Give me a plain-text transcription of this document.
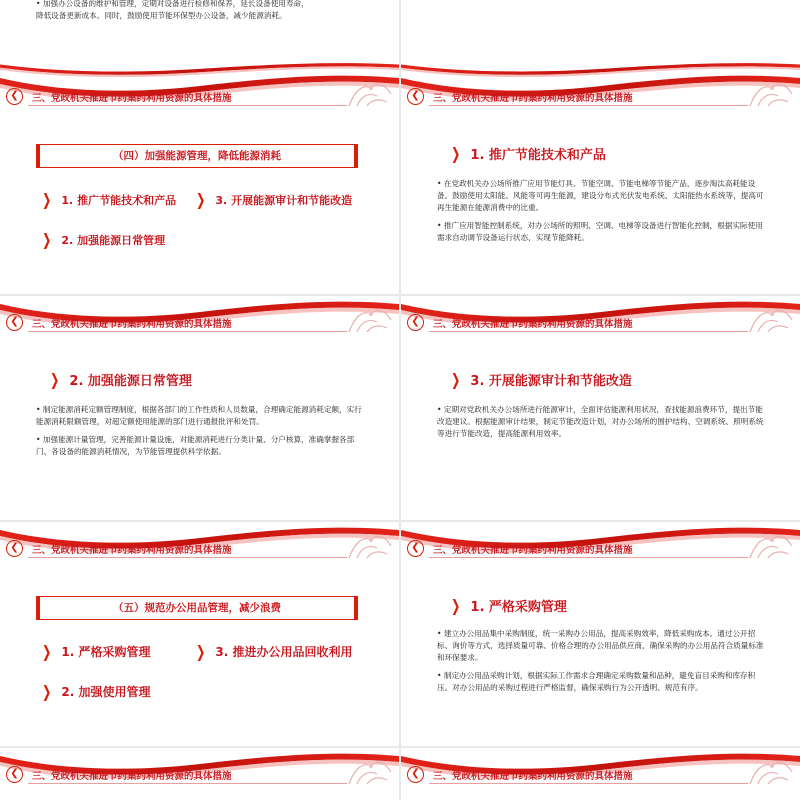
• 加强办公设备的维护和管理，定期对设备进行检修和保养，延长设备使用寿命，
降低设备更新成本。同时，鼓励使用节能环保型办公设备，减少能源消耗。
❮	三、党政机关推进节约集约利用资源的具体措施
（四）加强能源管理，降低能源消耗
❯ 1. 推广节能技术和产品 ❯ 3. 开展能源审计和节能改造
❯ 2. 加强能源日常管理
❮	三、党政机关推进节约集约利用资源的具体措施
❯ 1. 推广节能技术和产品

• 在党政机关办公场所推广应用节能灯具、节能空调、节能电梯等节能产品，逐步淘汰高耗能设备。鼓励使用太阳能、风能等可再生能源，建设分布式光伏发电系统、太阳能热水系统等，提高可再生能源在能源消费中的比重。

• 推广应用智能控制系统，对办公场所的照明、空调、电梯等设备进行智能化控制，根据实际使用需求自动调节设备运行状态，实现节能降耗。

❮	三、党政机关推进节约集约利用资源的具体措施
❯ 2. 加强能源日常管理

• 制定能源消耗定额管理制度，根据各部门的工作性质和人员数量，合理确定能源消耗定额，实行能源消耗限额管理，对超定额使用能源的部门进行通报批评和处罚。

• 加强能源计量管理，完善能源计量设施，对能源消耗进行分类计量、分户核算，准确掌握各部门、各设备的能源消耗情况，为节能管理提供科学依据。

❮	三、党政机关推进节约集约利用资源的具体措施
❯ 3. 开展能源审计和节能改造

• 定期对党政机关办公场所进行能源审计，全面评估能源利用状况，查找能源浪费环节，提出节能改造建议。根据能源审计结果，制定节能改造计划，对办公场所的围护结构、空调系统、照明系统等进行节能改造，提高能源利用效率。

❮	三、党政机关推进节约集约利用资源的具体措施
（五）规范办公用品管理，减少浪费
❯ 1. 严格采购管理	❯ 3. 推进办公用品回收利用
❯ 2. 加强使用管理
❮	三、党政机关推进节约集约利用资源的具体措施
❯ 1. 严格采购管理

• 建立办公用品集中采购制度，统一采购办公用品，提高采购效率，降低采购成本。通过公开招标、询价等方式，选择质量可靠、价格合理的办公用品供应商，确保采购的办公用品符合质量标准和环保要求。

• 制定办公用品采购计划，根据实际工作需求合理确定采购数量和品种，避免盲目采购和库存积压。对办公用品的采购过程进行严格监督，确保采购行为公开透明、规范有序。

❮	三、党政机关推进节约集约利用资源的具体措施	❮	三、党政机关推进节约集约利用资源的具体措施
